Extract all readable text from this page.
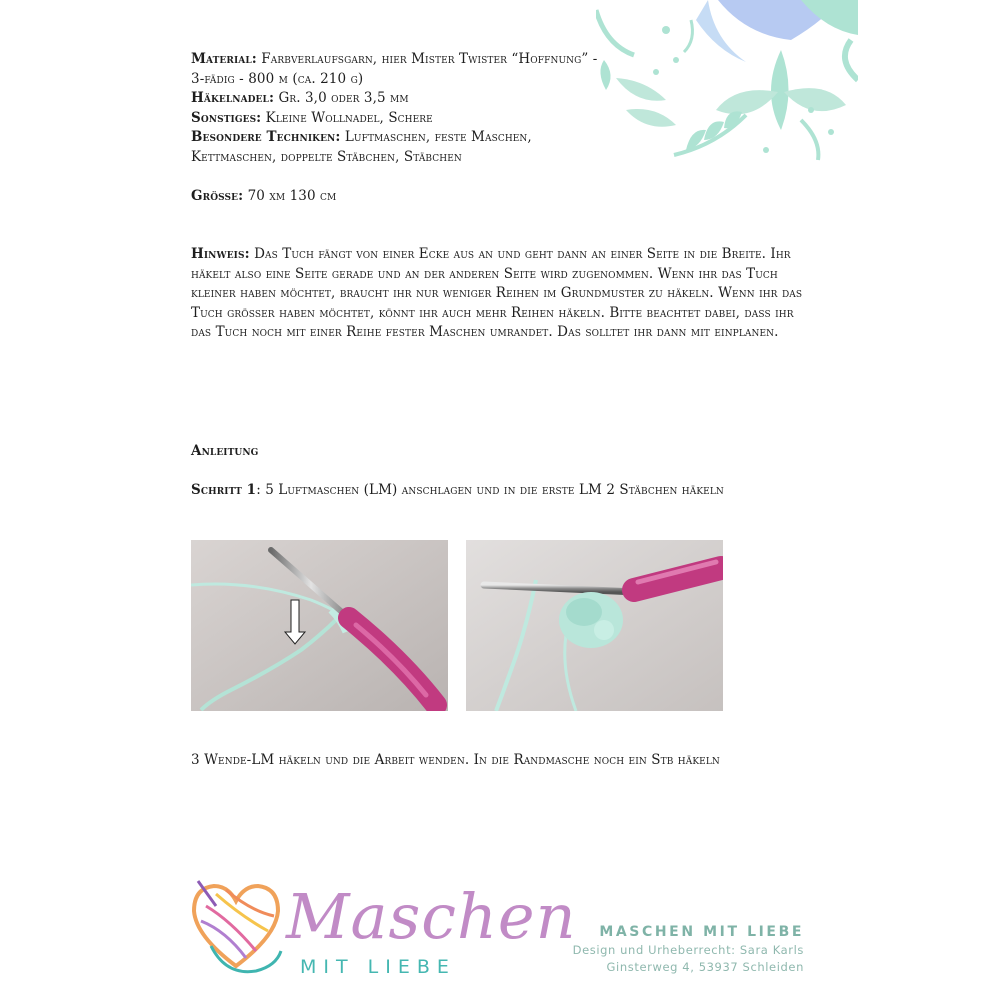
Material: Farbverlaufsgarn, hier Mister Twister “Hoffnung” - 3-fädig - 800 m (ca. 210 g)
Häkelnadel: Gr. 3,0 oder 3,5 mm
Sonstiges: Kleine Wollnadel, Schere
Besondere Techniken: Luftmaschen, feste Maschen, Kettmaschen, doppelte Stäbchen, Stäbchen
Grösse: 70 xm 130 cm
Hinweis: Das Tuch fängt von einer Ecke aus an und geht dann an einer Seite in die Breite. Ihr häkelt also eine Seite gerade und an der anderen Seite wird zugenommen. Wenn ihr das Tuch kleiner haben möchtet, braucht ihr nur weniger Reihen im Grundmuster zu häkeln. Wenn ihr das Tuch grösser haben möchtet, könnt ihr auch mehr Reihen häkeln. Bitte beachtet dabei, dass ihr das Tuch noch mit einer Reihe fester Maschen umrandet. Das solltet ihr dann mit einplanen.
Anleitung
Schritt 1: 5 Luftmaschen (LM) anschlagen und in die erste LM 2 Stäbchen häkeln
3 Wende-LM häkeln und die Arbeit wenden. In die Randmasche noch ein Stb häkeln
Maschen
MIT LIEBE
MASCHEN MIT LIEBE
Design und Urheberrecht: Sara Karls
Ginsterweg 4, 53937 Schleiden
